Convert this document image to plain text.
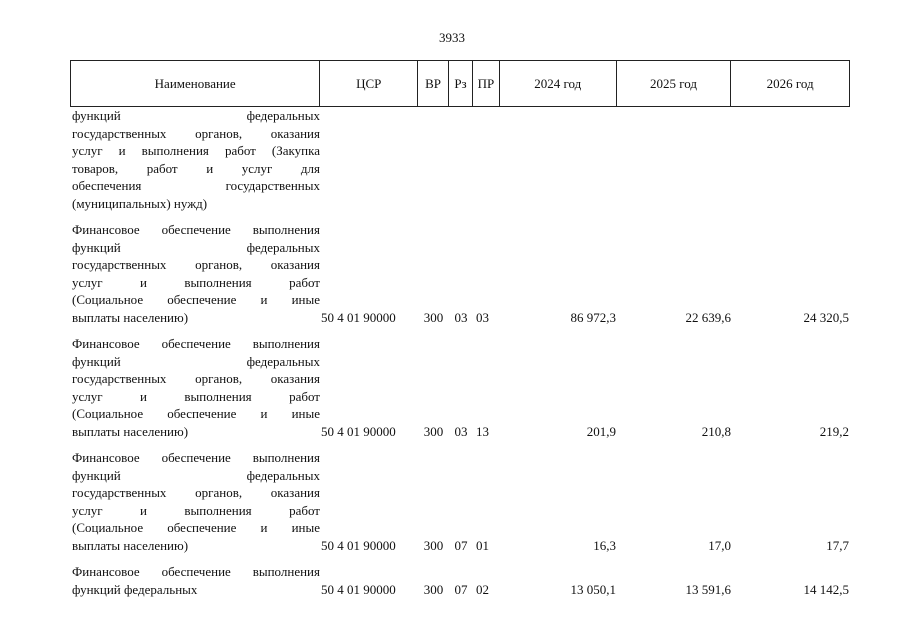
3933
Наименование	ЦСР	ВР	Рз ПР	2024 год	2025 год	2026 год
функций федеральных
государственных органов, оказания
услуг и выполнения работ (Закупка
товаров, работ и услуг для
обеспечения государственных
(муниципальных) нужд)
Финансовое обеспечение выполнения
функций федеральных
государственных органов, оказания
услуг и выполнения работ
(Социальное обеспечение и иные
выплаты населению)	50 4 01 90000	300 03 03	86 972,3	22 639,6	24 320,5
Финансовое обеспечение выполнения
функций федеральных
государственных органов, оказания
услуг и выполнения работ
(Социальное обеспечение и иные
выплаты населению)	50 4 01 90000	300 03 13	201,9	210,8	219,2
Финансовое обеспечение выполнения
функций федеральных
государственных органов, оказания
услуг и выполнения работ
(Социальное обеспечение и иные
выплаты населению)	50 4 01 90000	300 07 01	16,3	17,0	17,7
Финансовое обеспечение выполнения
функций федеральных	50 4 01 90000	300 07 02	13 050,1	13 591,6	14 142,5
